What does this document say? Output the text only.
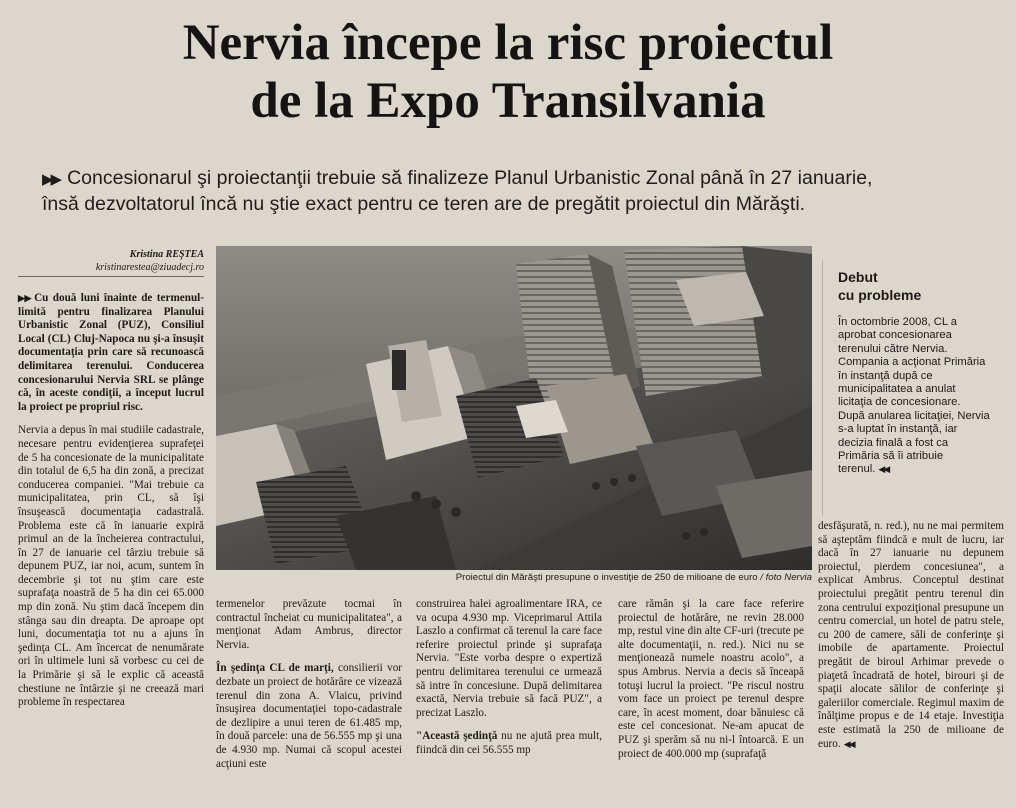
Nervia începe la risc proiectul
de la Expo Transilvania
▶▶ Concesionarul şi proiectanţii trebuie să finalizeze Planul Urbanistic Zonal până în 27 ianuarie,
însă dezvoltatorul încă nu ştie exact pentru ce teren are de pregătit proiectul din Mărăşti.
Kristina REŞTEA
kristinarestea@ziuadecj.ro

▶▶ Cu două luni înainte de termenul-limită pentru finalizarea Planului Urbanistic Zonal (PUZ), Consiliul Local (CL) Cluj-Napoca nu şi-a însuşit documentaţia prin care să recunoască delimitarea terenului. Conducerea concesionarului Nervia SRL se plânge că, în aceste condiţii, a început lucrul la proiect pe propriul risc.

Nervia a depus în mai studiile cadastrale, necesare pentru evidenţierea suprafeţei de 5 ha concesionate de la municipalitate din totalul de 6,5 ha din zonă, a precizat conducerea companiei. "Mai trebuie ca municipalitatea, prin CL, să îşi însuşească documentaţia cadastrală. Problema este că în ianuarie expiră primul an de la încheierea contractului, în 27 de ianuarie cel târziu trebuie să depunem PUZ, iar noi, acum, suntem în decembrie şi tot nu ştim care este suprafaţa noastră de 5 ha din cei 65.000 mp din zonă. Nu ştim dacă începem din stânga sau din dreapta. De aproape opt luni, documentaţia tot nu a ajuns în şedinţa CL. Am încercat de nenumărate ori în ultimele luni să vorbesc cu cei de la Primărie şi să le explic că această chestiune ne întârzie şi ne creează mari probleme în respectarea

Proiectul din Mărăşti presupune o investiţie de 250 de milioane de euro / foto Nervia
Debut
cu probleme
În octombrie 2008, CL a aprobat concesionarea terenului către Nervia. Compania a acţionat Primăria în instanţă după ce municipalitatea a anulat licitaţia de concesionare. După anularea licitaţiei, Nervia s-a luptat în instanţă, iar decizia finală a fost ca Primăria să îi atribuie terenul. ◀◀

termenelor prevăzute tocmai în contractul încheiat cu municipalitatea", a menţionat Adam Ambrus, director Nervia.

În şedinţa CL de marţi, consilierii vor dezbate un proiect de hotărâre ce vizează terenul din zona A. Vlaicu, privind însuşirea documentaţiei topo-cadastrale de dezlipire a unui teren de 61.485 mp, în două parcele: una de 56.555 mp şi una de 4.930 mp. Numai că scopul acestei acţiuni este

construirea halei agroalimentare IRA, ce va ocupa 4.930 mp. Viceprimarul Attila Laszlo a confirmat că terenul la care face referire proiectul prinde şi suprafaţa Nervia. "Este vorba despre o expertiză pentru delimitarea terenului ce urmează să intre în concesiune. După delimitarea exactă, Nervia trebuie să facă PUZ", a precizat Laszlo.

"Această şedinţă nu ne ajută prea mult, fiindcă din cei 56.555 mp

care rămân şi la care face referire proiectul de hotărâre, ne revin 28.000 mp, restul vine din alte CF-uri (trecute pe alte documentaţii, n. red.). Nici nu se menţionează numele noastru acolo", a spus Ambrus. Nervia a decis să înceapă totuşi lucrul la proiect. "Pe riscul nostru vom face un proiect pe terenul despre care, în acest moment, doar bănuiesc că este cel concesionat. Ne-am apucat de PUZ şi sperăm să nu ni-l întoarcă. E un proiect de 400.000 mp (suprafaţă

desfăşurată, n. red.), nu ne mai permitem să aşteptăm fiindcă e mult de lucru, iar dacă în 27 ianuarie nu depunem proiectul, pierdem concesiunea", a explicat Ambrus. Conceptul destinat proiectului pregătit pentru terenul din zona centrului expoziţional presupune un centru comercial, un hotel de patru stele, cu 200 de camere, săli de conferinţe şi imobile de apartamente. Proiectul pregătit de biroul Arhimar prevede o piaţetă încadrată de hotel, birouri şi de spaţii alocate sălilor de conferinţe şi galeriilor comerciale. Regimul maxim de înălţime propus e de 14 etaje. Investiţia este estimată la 250 de milioane de euro. ◀◀
